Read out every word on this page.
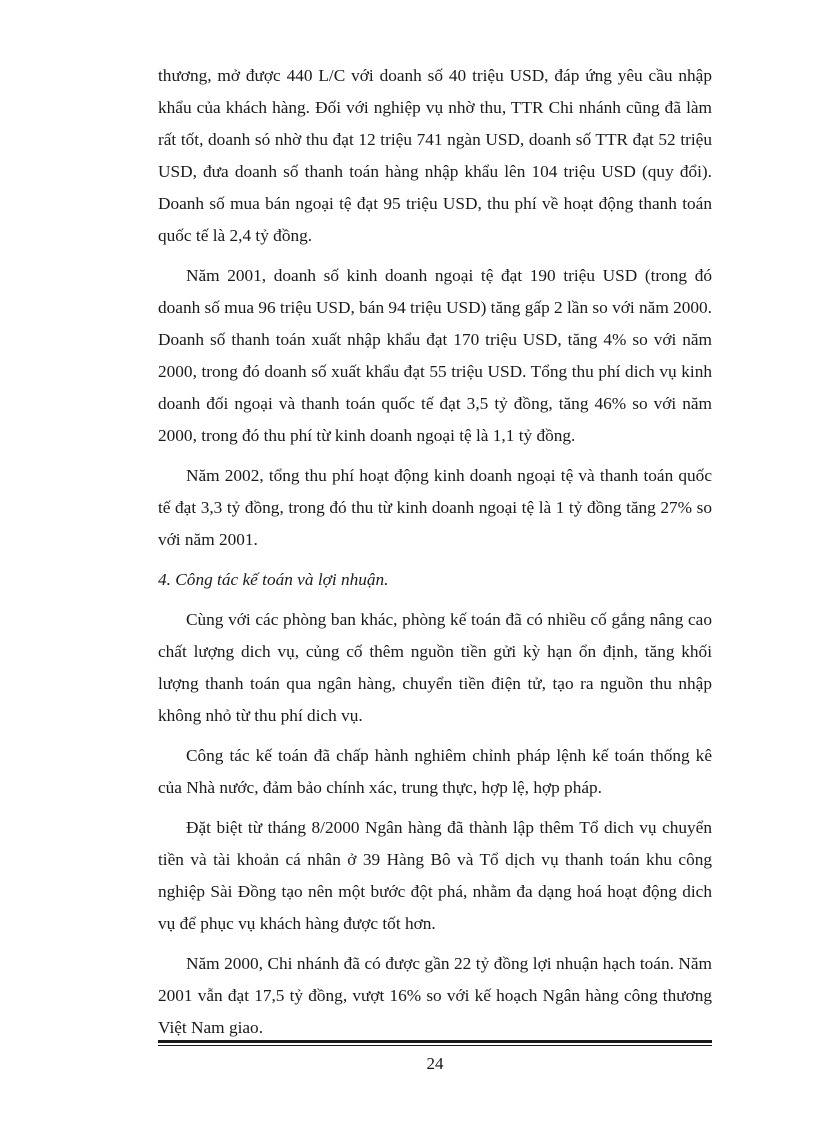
thương, mở được 440 L/C với doanh số 40 triệu USD, đáp ứng yêu cầu nhập khẩu của khách hàng. Đối với nghiệp vụ nhờ thu, TTR Chi nhánh cũng đã làm rất tốt, doanh só nhờ thu đạt 12 triệu 741 ngàn USD, doanh số TTR đạt 52 triệu USD, đưa doanh số thanh toán hàng nhập khẩu lên 104 triệu USD (quy đổi). Doanh số mua bán ngoại tệ đạt 95 triệu USD, thu phí về hoạt động thanh toán quốc tế là 2,4 tỷ đồng.

Năm 2001, doanh số kinh doanh ngoại tệ đạt 190 triệu USD (trong đó doanh số mua 96 triệu USD, bán 94 triệu USD) tăng gấp 2 lần so với năm 2000. Doanh số thanh toán xuất nhập khẩu đạt 170 triệu USD, tăng 4% so với năm 2000, trong đó doanh số xuất khẩu đạt 55 triệu USD. Tổng thu phí dich vụ kinh doanh đối ngoại và thanh toán quốc tế đạt 3,5 tỷ đồng, tăng 46% so với năm 2000, trong đó thu phí từ kinh doanh ngoại tệ là 1,1 tỷ đồng.

Năm 2002, tổng thu phí hoạt động kinh doanh ngoại tệ và thanh toán quốc tế đạt 3,3 tỷ đồng, trong đó thu từ kinh doanh ngoại tệ là 1 tỷ đồng tăng 27% so với năm 2001.

4. Công tác kế toán và lợi nhuận.

Cùng với các phòng ban khác, phòng kế toán đã có nhiều cố gắng nâng cao chất lượng dich vụ, củng cố thêm nguồn tiền gửi kỳ hạn ổn định, tăng khối lượng thanh toán qua ngân hàng, chuyển tiền điện tử, tạo ra nguồn thu nhập không nhỏ từ thu phí dich vụ.

Công tác kế toán đã chấp hành nghiêm chỉnh pháp lệnh kế toán thống kê của Nhà nước, đảm bảo chính xác, trung thực, hợp lệ, hợp pháp.

Đặt biệt từ tháng 8/2000 Ngân hàng đã thành lập thêm Tổ dich vụ chuyển tiền và tài khoản cá nhân ở 39 Hàng Bô và Tổ dịch vụ thanh toán khu công nghiệp Sài Đồng tạo nên một bước đột phá, nhằm đa dạng hoá hoạt động dich vụ để phục vụ khách hàng được tốt hơn.

Năm 2000, Chi nhánh đã có được gần 22 tỷ đồng lợi nhuận hạch toán. Năm 2001 vẫn đạt 17,5 tỷ đồng, vượt 16% so với kế hoạch Ngân hàng công thương Việt Nam giao.

24
